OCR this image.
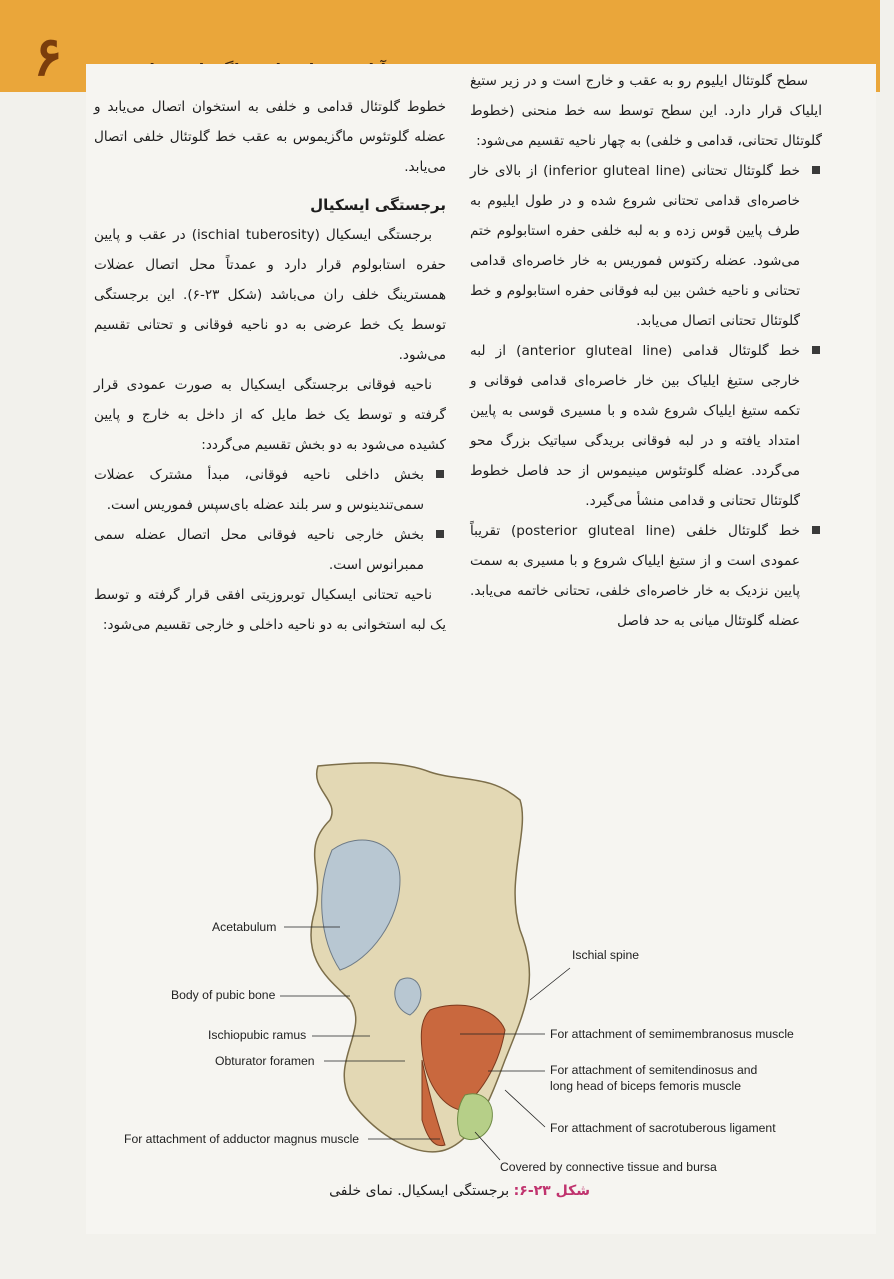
۶	سطح گلوتئال ایلیوم رو به عقب و خارج است و در زیر ستیغ ایلیاک قرار دارد. این سطح توسط سه خط منحنی (خطوط گلوتئال تحتانی، قدامی و خلفی) به چهار ناحیه تقسیم می‌شود:

خط گلوتئال تحتانی (inferior gluteal line) از بالای خار خاصره‌ای قدامی تحتانی شروع شده و در طول ایلیوم به طرف پایین قوس زده و به لبه خلفی حفره استابولوم ختم می‌شود. عضله رکتوس فموریس به خار خاصره‌ای قدامی تحتانی و ناحیه خشن بین لبه فوقانی حفره استابولوم و خط گلوتئال تحتانی اتصال می‌یابد.

خط گلوتئال قدامی (anterior gluteal line) از لبه خارجی ستیغ ایلیاک بین خار خاصره‌ای قدامی فوقانی و تکمه ستیغ ایلیاک شروع شده و با مسیری قوسی به پایین امتداد یافته و در لبه فوقانی بریدگی سیاتیک بزرگ محو می‌گردد. عضله گلوتئوس مینیموس از حد فاصل خطوط گلوتئال تحتانی و قدامی منشأ می‌گیرد.

خط گلوتئال خلفی (posterior gluteal line) تقریباً عمودی است و از ستیغ ایلیاک شروع و با مسیری به سمت پایین نزدیک به خار خاصره‌ای خلفی، تحتانی خاتمه می‌یابد. عضله گلوتئال میانی به حد فاصل

خطوط گلوتئال قدامی و خلفی به استخوان اتصال می‌یابد و عضله گلوتئوس ماگزیموس به عقب خط گلوتئال خلفی اتصال می‌یابد.

برجستگی ایسکیال

برجستگی ایسکیال (ischial tuberosity) در عقب و پایین حفره استابولوم قرار دارد و عمدتاً محل اتصال عضلات همسترینگ خلف ران می‌باشد (شکل ۲۳-۶). این برجستگی توسط یک خط عرضی به دو ناحیه فوقانی و تحتانی تقسیم می‌شود.

ناحیه فوقانی برجستگی ایسکیال به صورت عمودی قرار گرفته و توسط یک خط مایل که از داخل به خارج و پایین کشیده می‌شود به دو بخش تقسیم می‌گردد:

بخش داخلی ناحیه فوقانی، مبدأ مشترک عضلات سمی‌تندینوس و سر بلند عضله بای‌سپس فموریس است.

بخش خارجی ناحیه فوقانی محل اتصال عضله سمی ممبرانوس است.

ناحیه تحتانی ایسکیال توبروزیتی افقی قرار گرفته و توسط یک لبه استخوانی به دو ناحیه داخلی و خارجی تقسیم می‌شود:

Acetabulum
Body of pubic bone
Ischiopubic ramus
Obturator foramen
For attachment of adductor magnus muscle
Ischial spine
For attachment of semimembranosus muscle
For attachment of semitendinosus and
long head of biceps femoris muscle
For attachment of sacrotuberous ligament
Covered by connective tissue and bursa
شکل ۲۳-۶: برجستگی ایسکیال. نمای خلفی
